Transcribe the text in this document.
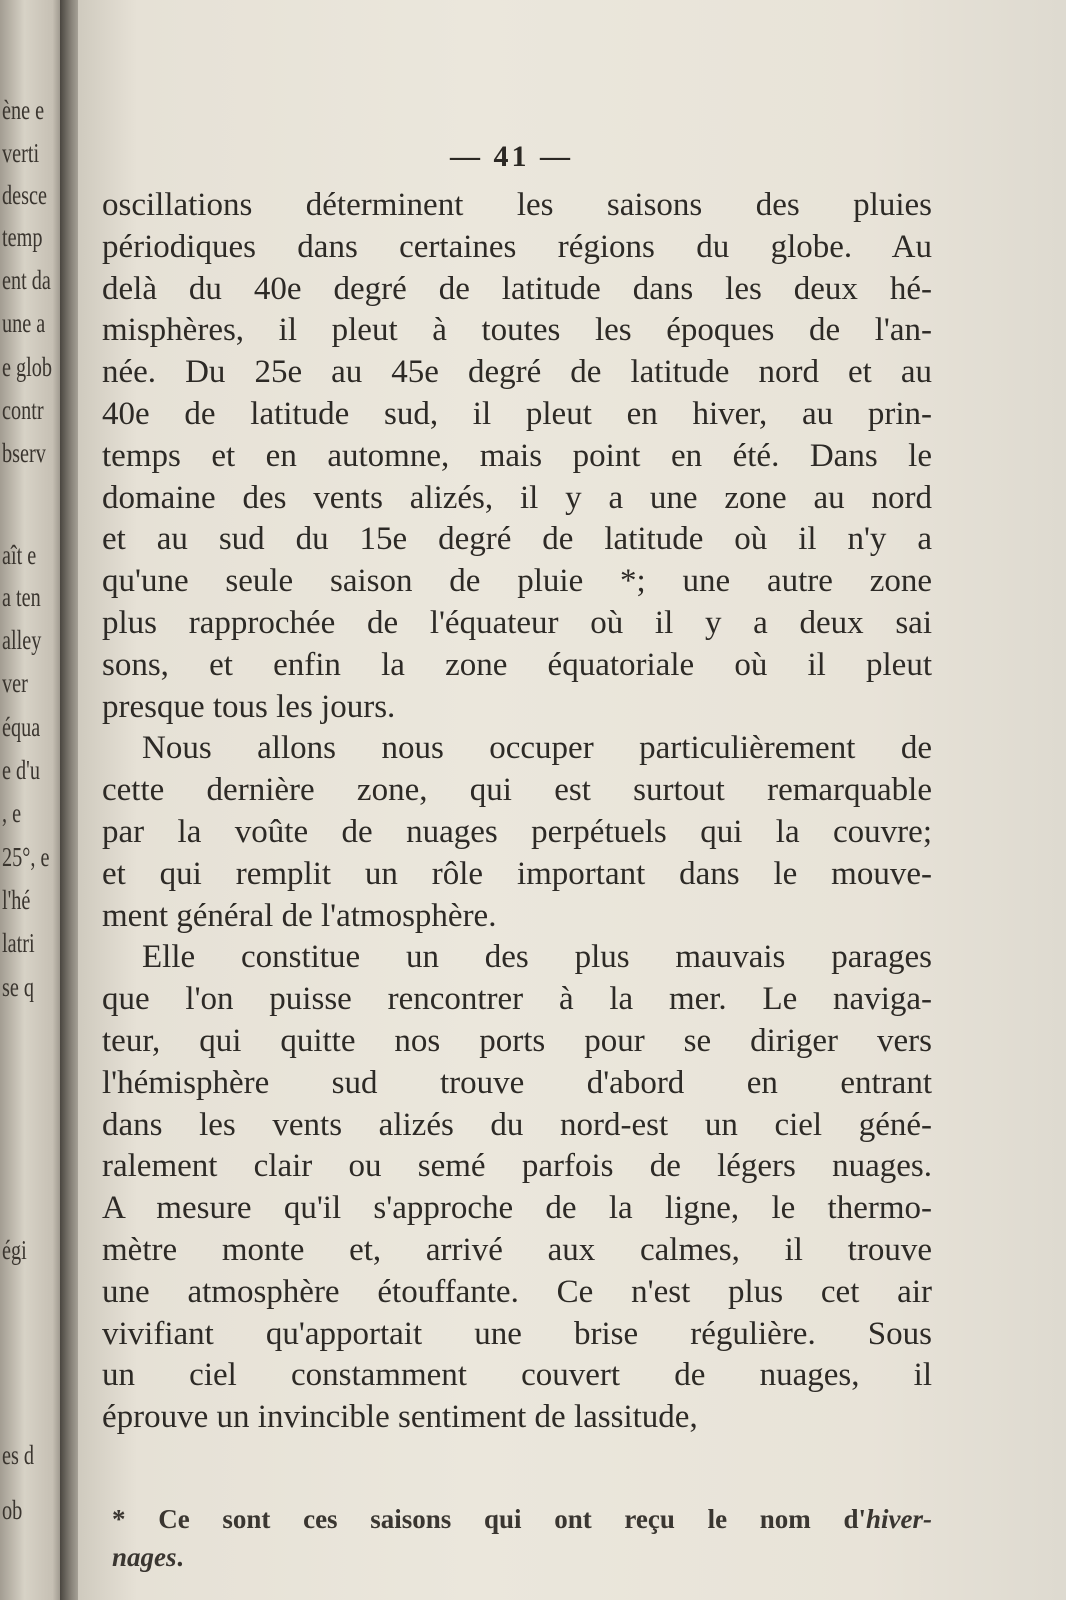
ène e
verti
desce
temp
ent da
une a
e glob
contr
bserv
aît e
a ten
alley
ver
équa
e d'u
, e
25°, e
l'hé
latri
se q
égi
es d
ob
— 41 —
oscillations déterminent les saisons des pluies
périodiques dans certaines régions du globe. Au
delà du 40e degré de latitude dans les deux hé-
misphères, il pleut à toutes les époques de l'an-
née. Du 25e au 45e degré de latitude nord et au
40e de latitude sud, il pleut en hiver, au prin-
temps et en automne, mais point en été. Dans le
domaine des vents alizés, il y a une zone au nord
et au sud du 15e degré de latitude où il n'y a
qu'une seule saison de pluie *; une autre zone
plus rapprochée de l'équateur où il y a deux sai
sons, et enfin la zone équatoriale où il pleut
presque tous les jours.
Nous allons nous occuper particulièrement de
cette dernière zone, qui est surtout remarquable
par la voûte de nuages perpétuels qui la couvre;
et qui remplit un rôle important dans le mouve-
ment général de l'atmosphère.
Elle constitue un des plus mauvais parages
que l'on puisse rencontrer à la mer. Le naviga-
teur, qui quitte nos ports pour se diriger vers
l'hémisphère sud trouve d'abord en entrant
dans les vents alizés du nord-est un ciel géné-
ralement clair ou semé parfois de légers nuages.
A mesure qu'il s'approche de la ligne, le thermo-
mètre monte et, arrivé aux calmes, il trouve
une atmosphère étouffante. Ce n'est plus cet air
vivifiant qu'apportait une brise régulière. Sous
un ciel constamment couvert de nuages, il
éprouve un invincible sentiment de lassitude,
* Ce sont ces saisons qui ont reçu le nom d'hiver-
nages.
